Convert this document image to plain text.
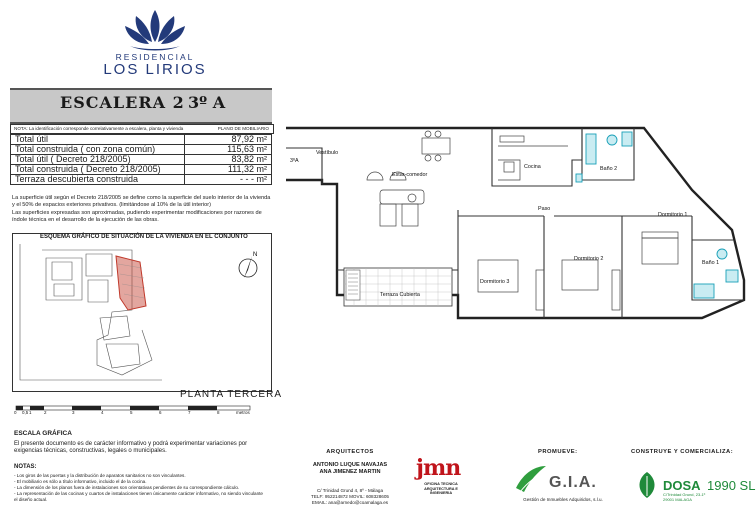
RESIDENCIAL
LOS LIRIOS
ESCALERA 2 3º A
NOTA: La identificación corresponde correlativamente a escalera, planta y vivienda	PLANO DE MOBILIARIO
Total útil	87,92 m²
Total construida ( con zona común)	115,63 m²
Total útil ( Decreto 218/2005)	83,82 m²
Total construida ( Decreto 218/2005)	111,32 m²
Terraza descubierta construida	- - - m²
La superficie útil según el Decreto 218/2005 se define como la superficie del suelo interior de la vivienda y el 50% de espacios exteriores privativos. (limitándose al 10% de la útil interior)
Las superficies expresadas son aproximadas, pudiendo experimentar modificaciones por razones de índole técnica en el desarrollo de la ejecución de las obras.
ESQUEMA GRÁFICO DE SITUACIÓN DE LA VIVIENDA EN EL CONJUNTO
N
PLANTA TERCERA
0 0,5 1	2	3	4	5	6	7	8	metros
ESCALA GRÁFICA
El presente documento es de carácter informativo y podrá experimentar variaciones por exigencias técnicas, constructivas, legales o municipales.
NOTAS:
- Los giros de las puertas y la distribución de aparatos sanitarios no son vinculantes.
- El mobiliario es sólo a título informativo, incluido el de la cocina.
- La dimensión de los planos fuera de instalaciones son orientativas pendientes de su correspondiente cálculo.
- La representación de las cocinas y cuartos de instalaciones tienen únicamente carácter informativo, no siendo vinculante el diseño actual.
Vestíbulo
3ºA
Estar-comedor
Cocina	Baño 2
Paso
Dormitorio 1
Dormitorio 2
Dormitorio 3
Baño 1
Terraza Cubierta
ARQUITECTOS
ANTONIO LUQUE NAVAJAS
ANA JIMENEZ MARTIN
C/ Trinidad Grund 4, 8º - Málaga
TELF: 952214872 MOVIL: 608328605
EMAIL: ana@arnedo@coamalaga.es
jmn
OFICINA TECNICA ARQUITECTURA E INGENIERIA
PROMUEVE:
G.I.A.
Gestión de Inmuebles Adquiridos, s.l.u.
CONSTRUYE Y COMERCIALIZA:
DOSA 1990 SL
C/Trinidad Grund, 23-1º
29001 MALAGA
